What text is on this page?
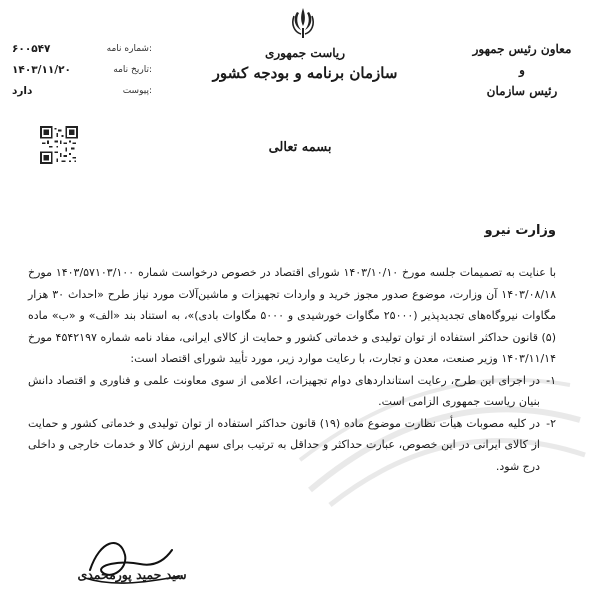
معاون رئیس جمهور
و
رئیس سازمان
ریاست جمهوری
سازمان برنامه و بودجه کشور
شماره نامه:
۶۰۰۵۴۷
تاریخ نامه:
۱۴۰۳/۱۱/۲۰
پیوست:
دارد
بسمه تعالی
وزارت نیرو

با عنایت به تصمیمات جلسه مورخ ۱۴۰۳/۱۰/۱۰ شورای اقتصاد در خصوص درخواست شماره ۱۴۰۳/۵۷۱۰۳/۱۰۰ مورخ ۱۴۰۳/۰۸/۱۸ آن وزارت، موضوع صدور مجوز خرید و واردات تجهیزات و ماشین‌آلات مورد نیاز طرح «احداث ۳۰ هزار مگاوات نیروگاه‌های تجدیدپذیر (۲۵۰۰۰ مگاوات خورشیدی و ۵۰۰۰ مگاوات بادی)»، به استناد بند «الف» و «ب» ماده (۵) قانون حداکثر استفاده از توان تولیدی و خدماتی کشور و حمایت از کالای ایرانی، مفاد نامه شماره ۴۵۴۲۱۹۷ مورخ ۱۴۰۳/۱۱/۱۴ وزیر صنعت، معدن و تجارت، با رعایت موارد زیر، مورد تأیید شورای اقتصاد است:

۱-
در اجرای این طرح، رعایت استانداردهای دوام تجهیزات، اعلامی از سوی معاونت علمی و فناوری و اقتصاد دانش بنیان ریاست جمهوری الزامی است.
۲-
در کلیه مصوبات هیأت نظارت موضوع ماده (۱۹) قانون حداکثر استفاده از توان تولیدی و خدماتی کشور و حمایت از کالای ایرانی در این خصوص، عبارت حداکثر و حداقل به ترتیب برای سهم ارزش کالا و خدمات خارجی و داخلی درج شود.
سید حمید پورمحمدی
